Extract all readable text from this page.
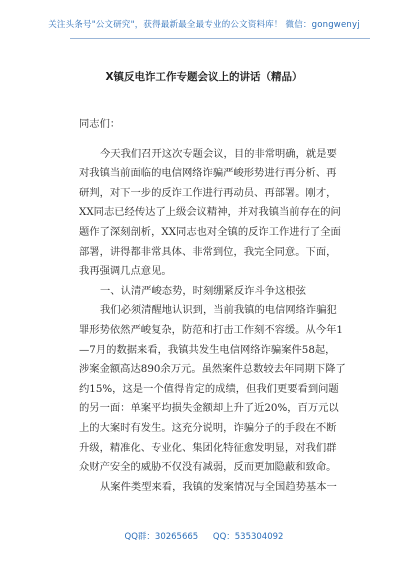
关注头条号"公文研究"，获得最新最全最专业的公文资料库！ 微信：gongwenyj
X镇反电诈工作专题会议上的讲话（精品）
同志们：
今天我们召开这次专题会议，目的非常明确，就是要
对我镇当前面临的电信网络诈骗严峻形势进行再分析、再
研判，对下一步的反诈工作进行再动员、再部署。刚才，
XX同志已经传达了上级会议精神，并对我镇当前存在的问
题作了深刻剖析，XX同志也对全镇的反诈工作进行了全面
部署，讲得都非常具体、非常到位，我完全同意。下面，
我再强调几点意见。
一、认清严峻态势，时刻绷紧反诈斗争这根弦
我们必须清醒地认识到，当前我镇的电信网络诈骗犯
罪形势依然严峻复杂，防范和打击工作刻不容缓。从今年1
—7月的数据来看，我镇共发生电信网络诈骗案件58起，
涉案金额高达890余万元。虽然案件总数较去年同期下降了
约15%，这是一个值得肯定的成绩，但我们更要看到问题
的另一面：单案平均损失金额却上升了近20%，百万元以
上的大案时有发生。这充分说明，诈骗分子的手段在不断
升级，精准化、专业化、集团化特征愈发明显，对我们群
众财产安全的威胁不仅没有减弱，反而更加隐蔽和致命。
从案件类型来看，我镇的发案情况与全国趋势基本一
QQ群：30265665 QQ：535304092
